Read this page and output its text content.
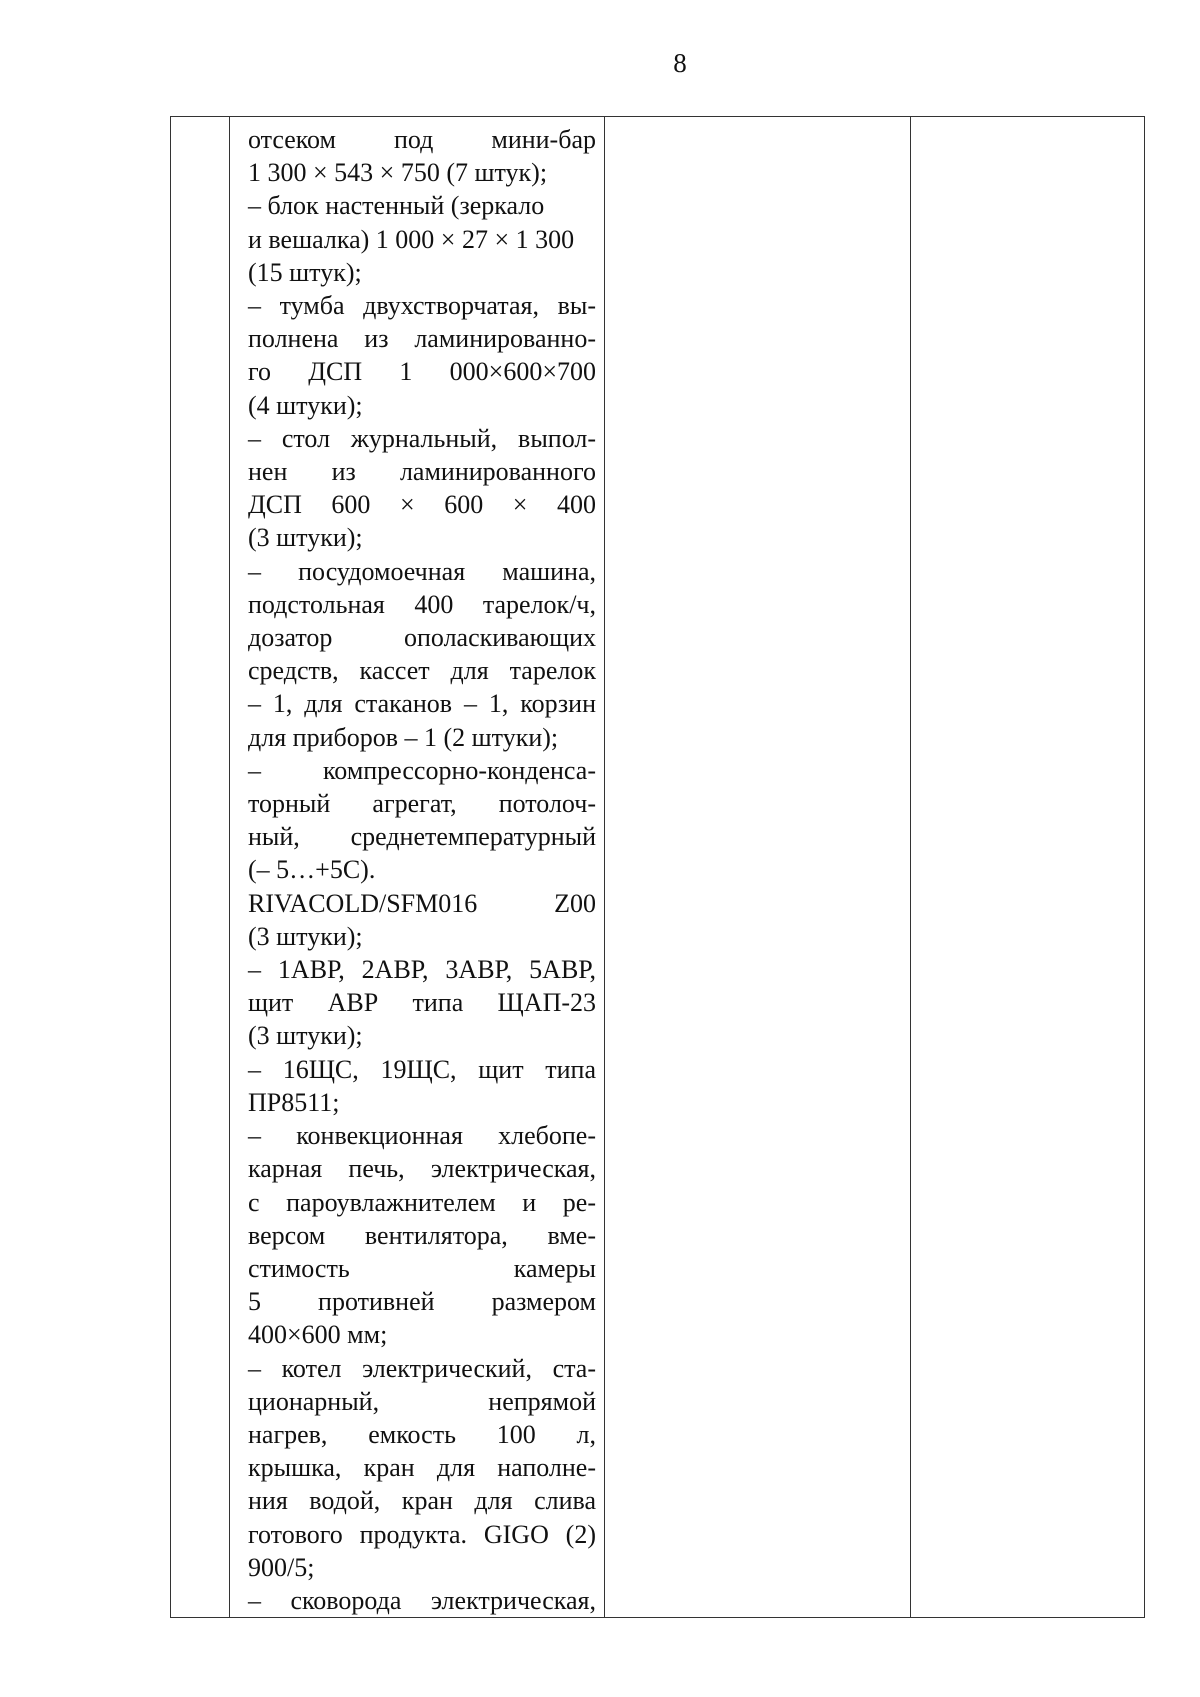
8

отсеком под мини-бар
1 300 × 543 × 750 (7 штук);
– блок настенный (зеркало
и вешалка) 1 000 × 27 × 1 300
(15 штук);
– тумба двухстворчатая, вы-
полнена из ламинированно-
го ДСП 1 000×600×700
(4 штуки);
– стол журнальный, выпол-
нен из ламинированного
ДСП 600 × 600 × 400
(3 штуки);
– посудомоечная машина,
подстольная 400 тарелок/ч,
дозатор ополаскивающих
средств, кассет для тарелок
– 1, для стаканов – 1, корзин
для приборов – 1 (2 штуки);
– компрессорно-конденса-
торный агрегат, потолоч-
ный, среднетемпературный
(– 5…+5С).
RIVACOLD/SFM016 Z00
(3 штуки);
– 1АВР, 2АВР, 3АВР, 5АВР,
щит АВР типа ЩАП-23
(3 штуки);
– 16ЩС, 19ЩС, щит типа
ПР8511;
– конвекционная хлебопе-
карная печь, электрическая,
с пароувлажнителем и ре-
версом вентилятора, вме-
стимость камеры
5 противней размером
400×600 мм;
– котел электрический, ста-
ционарный, непрямой
нагрев, емкость 100 л,
крышка, кран для наполне-
ния водой, кран для слива
готового продукта. GIGO (2)
900/5;
– сковорода электрическая,
